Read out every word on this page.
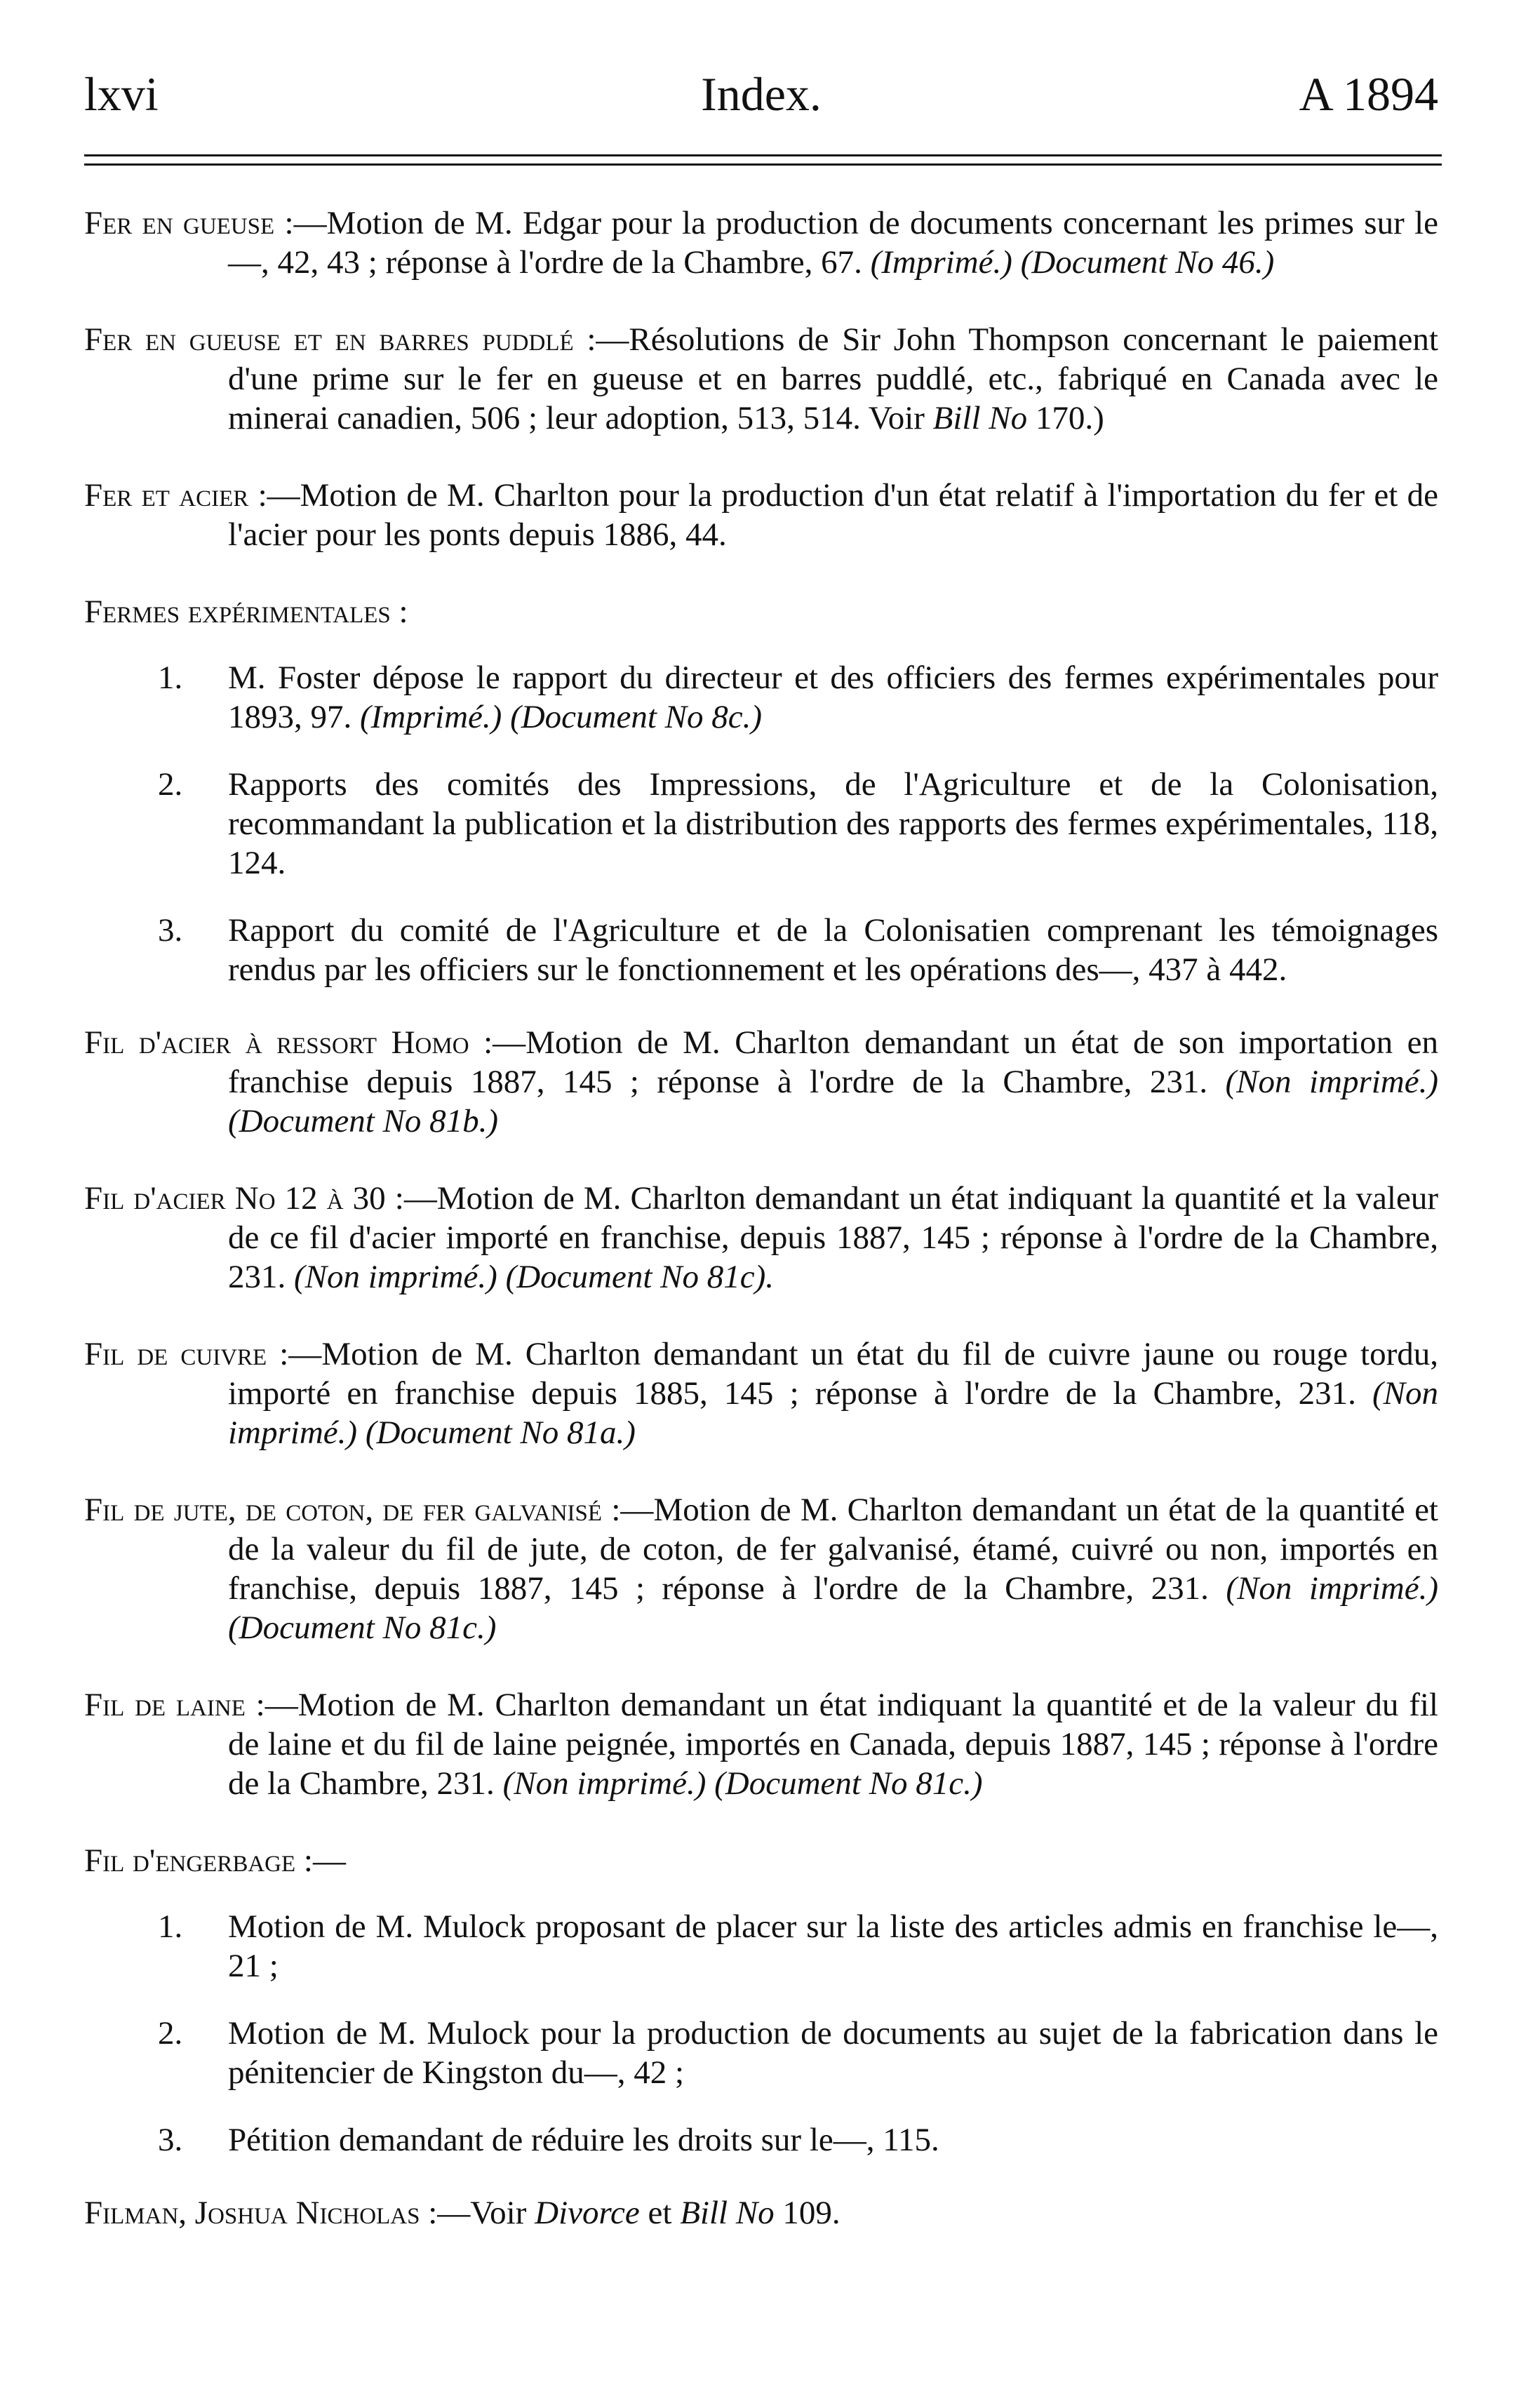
lxvi	Index.	A 1894
Fer en gueuse :—Motion de M. Edgar pour la production de documents concernant les primes sur le—, 42, 43 ; réponse à l'ordre de la Chambre, 67. (Imprimé.) (Document No 46.)
Fer en gueuse et en barres puddlé :—Résolutions de Sir John Thompson concernant le paiement d'une prime sur le fer en gueuse et en barres puddlé, etc., fabriqué en Canada avec le minerai canadien, 506 ; leur adoption, 513, 514. Voir Bill No 170.)
Fer et acier :—Motion de M. Charlton pour la production d'un état relatif à l'importation du fer et de l'acier pour les ponts depuis 1886, 44.
Fermes expérimentales :
1. M. Foster dépose le rapport du directeur et des officiers des fermes expérimentales pour 1893, 97. (Imprimé.) (Document No 8c.)
2. Rapports des comités des Impressions, de l'Agriculture et de la Colonisation, recommandant la publication et la distribution des rapports des fermes expérimentales, 118, 124.
3. Rapport du comité de l'Agriculture et de la Colonisatien comprenant les témoignages rendus par les officiers sur le fonctionnement et les opérations des—, 437 à 442.
Fil d'acier à ressort Homo :—Motion de M. Charlton demandant un état de son importation en franchise depuis 1887, 145 ; réponse à l'ordre de la Chambre, 231. (Non imprimé.) (Document No 81b.)
Fil d'acier No 12 à 30 :—Motion de M. Charlton demandant un état indiquant la quantité et la valeur de ce fil d'acier importé en franchise, depuis 1887, 145 ; réponse à l'ordre de la Chambre, 231. (Non imprimé.) (Document No 81c).
Fil de cuivre :—Motion de M. Charlton demandant un état du fil de cuivre jaune ou rouge tordu, importé en franchise depuis 1885, 145 ; réponse à l'ordre de la Chambre, 231. (Non imprimé.) (Document No 81a.)
Fil de jute, de coton, de fer galvanisé :—Motion de M. Charlton demandant un état de la quantité et de la valeur du fil de jute, de coton, de fer galvanisé, étamé, cuivré ou non, importés en franchise, depuis 1887, 145 ; réponse à l'ordre de la Chambre, 231. (Non imprimé.) (Document No 81c.)
Fil de laine :—Motion de M. Charlton demandant un état indiquant la quantité et de la valeur du fil de laine et du fil de laine peignée, importés en Canada, depuis 1887, 145 ; réponse à l'ordre de la Chambre, 231. (Non imprimé.) (Document No 81c.)
Fil d'engerbage :—
1. Motion de M. Mulock proposant de placer sur la liste des articles admis en franchise le—, 21 ;
2. Motion de M. Mulock pour la production de documents au sujet de la fabrication dans le pénitencier de Kingston du—, 42 ;
3. Pétition demandant de réduire les droits sur le—, 115.
Filman, Joshua Nicholas :—Voir Divorce et Bill No 109.
